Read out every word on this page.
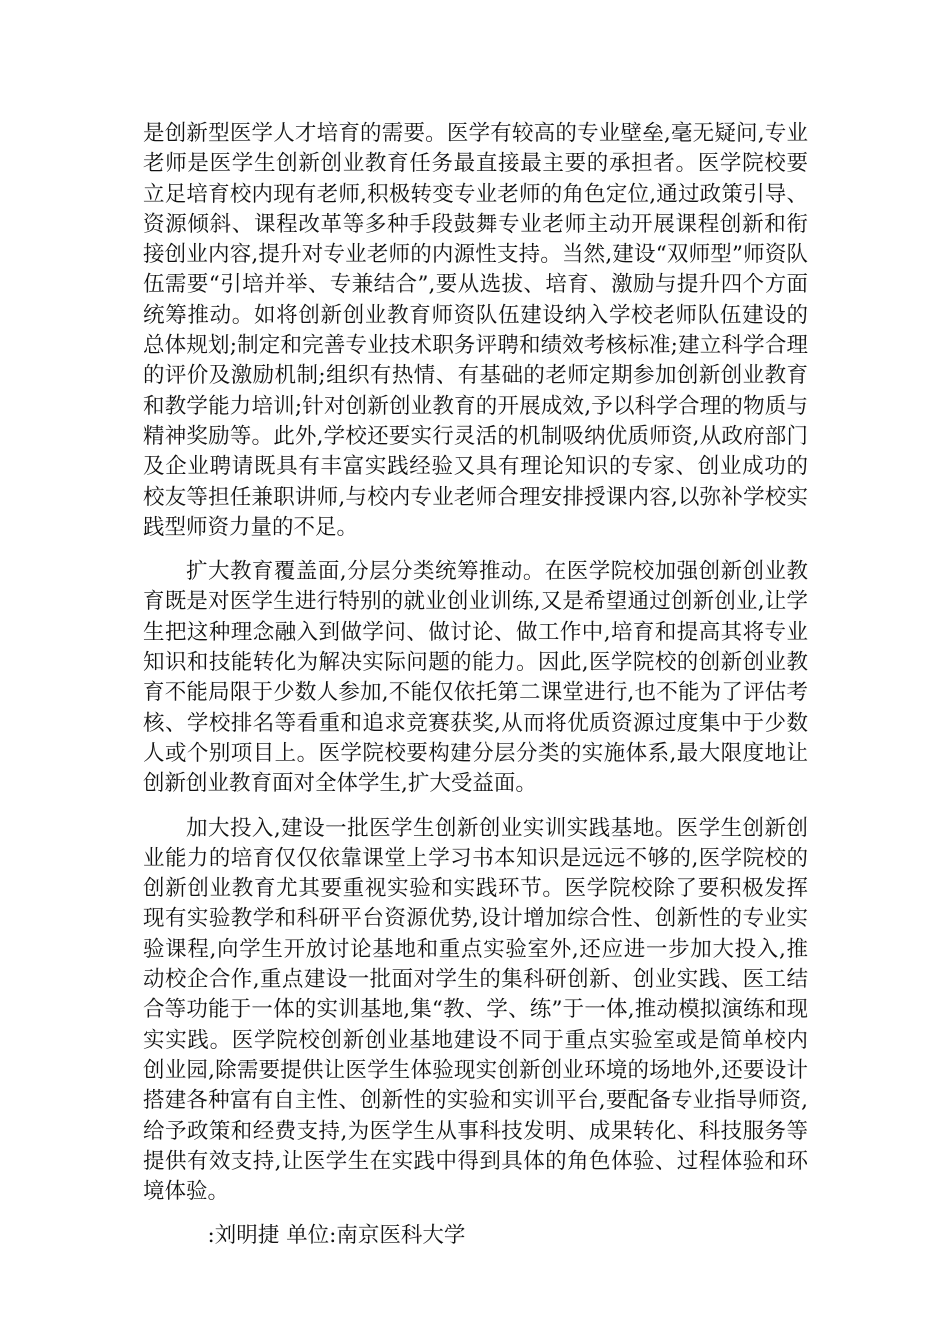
是创新型医学人才培育的需要。医学有较高的专业壁垒,毫无疑问,专业老师是医学生创新创业教育任务最直接最主要的承担者。医学院校要立足培育校内现有老师,积极转变专业老师的角色定位,通过政策引导、资源倾斜、课程改革等多种手段鼓舞专业老师主动开展课程创新和衔接创业内容,提升对专业老师的内源性支持。当然,建设“双师型”师资队伍需要“引培并举、专兼结合”,要从选拔、培育、激励与提升四个方面统筹推动。如将创新创业教育师资队伍建设纳入学校老师队伍建设的总体规划;制定和完善专业技术职务评聘和绩效考核标准;建立科学合理的评价及激励机制;组织有热情、有基础的老师定期参加创新创业教育和教学能力培训;针对创新创业教育的开展成效,予以科学合理的物质与精神奖励等。此外,学校还要实行灵活的机制吸纳优质师资,从政府部门及企业聘请既具有丰富实践经验又具有理论知识的专家、创业成功的校友等担任兼职讲师,与校内专业老师合理安排授课内容,以弥补学校实践型师资力量的不足。

扩大教育覆盖面,分层分类统筹推动。在医学院校加强创新创业教育既是对医学生进行特别的就业创业训练,又是希望通过创新创业,让学生把这种理念融入到做学问、做讨论、做工作中,培育和提高其将专业知识和技能转化为解决实际问题的能力。因此,医学院校的创新创业教育不能局限于少数人参加,不能仅依托第二课堂进行,也不能为了评估考核、学校排名等看重和追求竞赛获奖,从而将优质资源过度集中于少数人或个别项目上。医学院校要构建分层分类的实施体系,最大限度地让创新创业教育面对全体学生,扩大受益面。

加大投入,建设一批医学生创新创业实训实践基地。医学生创新创业能力的培育仅仅依靠课堂上学习书本知识是远远不够的,医学院校的创新创业教育尤其要重视实验和实践环节。医学院校除了要积极发挥现有实验教学和科研平台资源优势,设计增加综合性、创新性的专业实验课程,向学生开放讨论基地和重点实验室外,还应进一步加大投入,推动校企合作,重点建设一批面对学生的集科研创新、创业实践、医工结合等功能于一体的实训基地,集“教、学、练”于一体,推动模拟演练和现实实践。医学院校创新创业基地建设不同于重点实验室或是简单校内创业园,除需要提供让医学生体验现实创新创业环境的场地外,还要设计搭建各种富有自主性、创新性的实验和实训平台,要配备专业指导师资,给予政策和经费支持,为医学生从事科技发明、成果转化、科技服务等提供有效支持,让医学生在实践中得到具体的角色体验、过程体验和环境体验。

:刘明捷 单位:南京医科大学
